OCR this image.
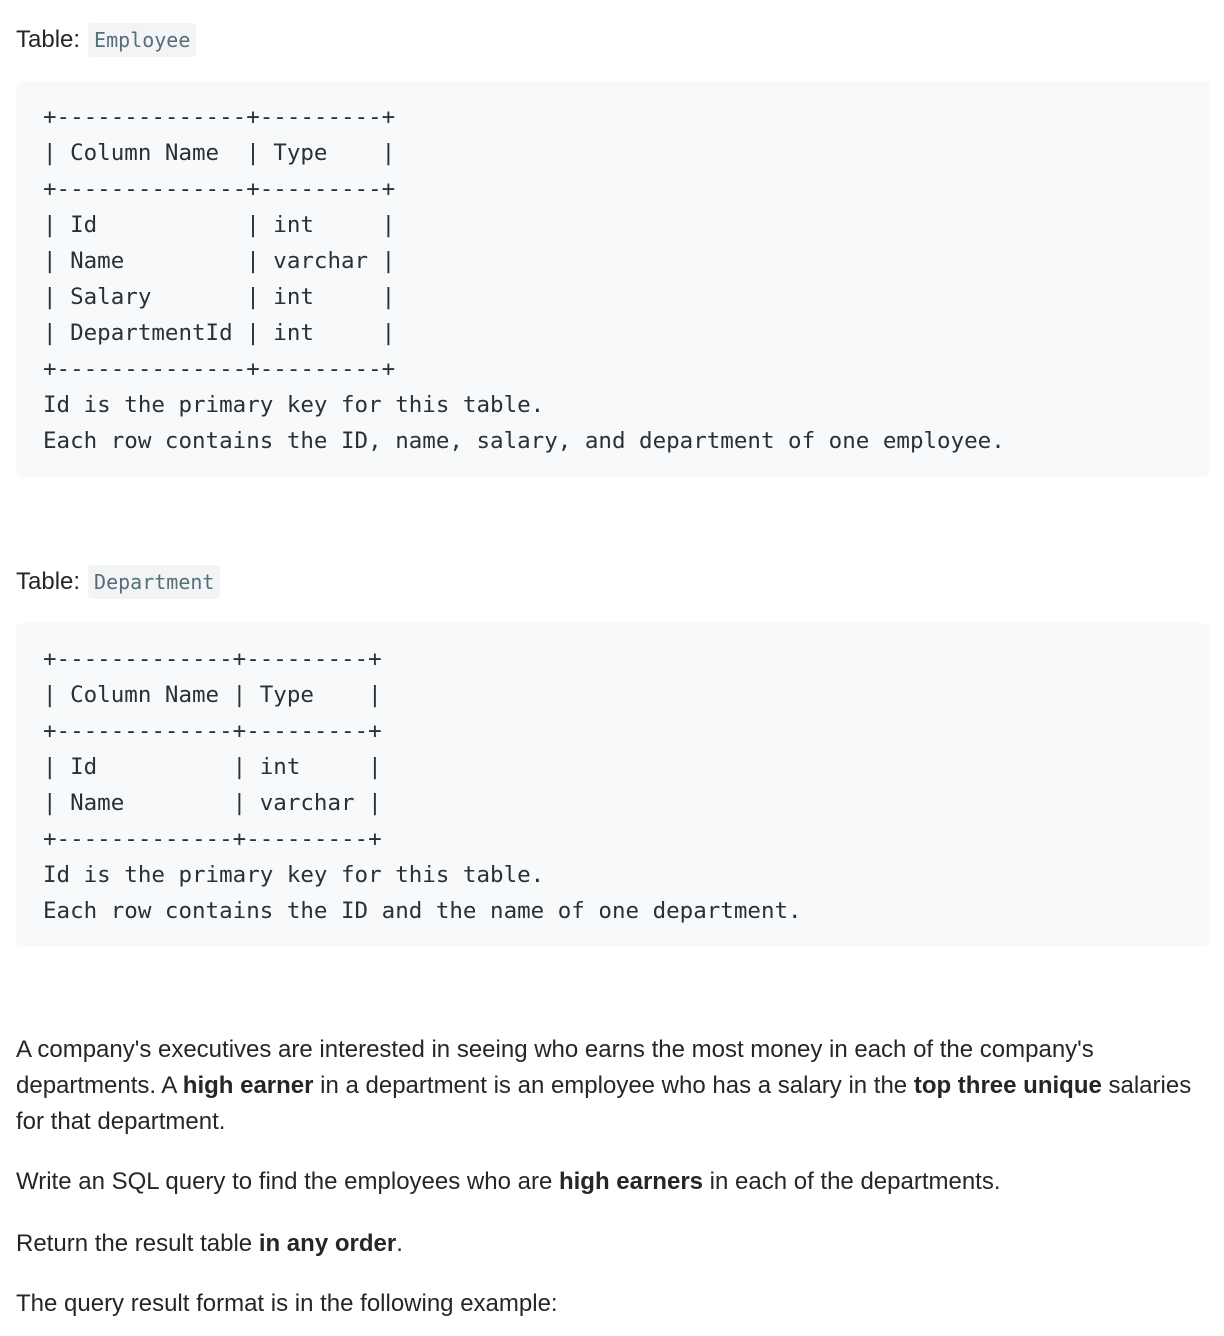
Table: Employee
+--------------+---------+
| Column Name  | Type    |
+--------------+---------+
| Id           | int     |
| Name         | varchar |
| Salary       | int     |
| DepartmentId | int     |
+--------------+---------+
Id is the primary key for this table.
Each row contains the ID, name, salary, and department of one employee.
Table: Department
+-------------+---------+
| Column Name | Type    |
+-------------+---------+
| Id          | int     |
| Name        | varchar |
+-------------+---------+
Id is the primary key for this table.
Each row contains the ID and the name of one department.

A company's executives are interested in seeing who earns the most money in each of the company's departments. A high earner in a department is an employee who has a salary in the top three unique salaries for that department.

Write an SQL query to find the employees who are high earners in each of the departments.

Return the result table in any order.

The query result format is in the following example:
